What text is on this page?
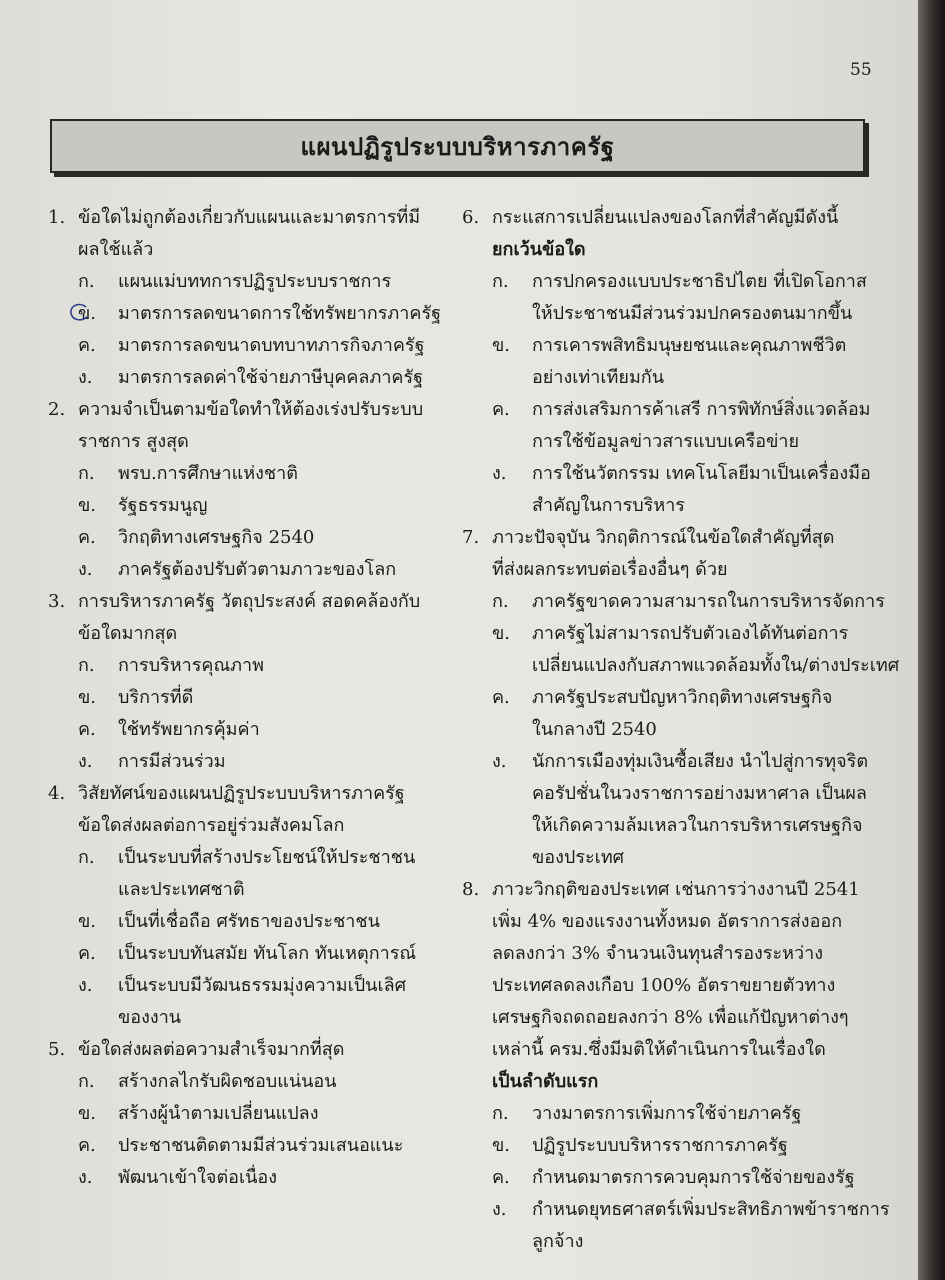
55
แผนปฏิรูประบบบริหารภาครัฐ
1. ข้อใดไม่ถูกต้องเกี่ยวกับแผนและมาตรการที่มี
ผลใช้แล้ว
ก. แผนแม่บททการปฏิรูประบบราชการ
ข. มาตรการลดขนาดการใช้ทรัพยากรภาครัฐ
ค. มาตรการลดขนาดบทบาทภารกิจภาครัฐ
ง. มาตรการลดค่าใช้จ่ายภาษีบุคคลภาครัฐ
2. ความจำเป็นตามข้อใดทำให้ต้องเร่งปรับระบบ
ราชการ สูงสุด
ก. พรบ.การศึกษาแห่งชาติ
ข. รัฐธรรมนูญ
ค. วิกฤติทางเศรษฐกิจ 2540
ง. ภาครัฐต้องปรับตัวตามภาวะของโลก
3. การบริหารภาครัฐ วัตถุประสงค์ สอดคล้องกับ
ข้อใดมากสุด
ก. การบริหารคุณภาพ
ข. บริการที่ดี
ค. ใช้ทรัพยากรคุ้มค่า
ง. การมีส่วนร่วม
4. วิสัยทัศน์ของแผนปฏิรูประบบบริหารภาครัฐ
ข้อใดส่งผลต่อการอยู่ร่วมสังคมโลก
ก. เป็นระบบที่สร้างประโยชน์ให้ประชาชน
และประเทศชาติ
ข. เป็นที่เชื่อถือ ศรัทธาของประชาชน
ค. เป็นระบบทันสมัย ทันโลก ทันเหตุการณ์
ง. เป็นระบบมีวัฒนธรรมมุ่งความเป็นเลิศ
ของงาน
5. ข้อใดส่งผลต่อความสำเร็จมากที่สุด
ก. สร้างกลไกรับผิดชอบแน่นอน
ข. สร้างผู้นำตามเปลี่ยนแปลง
ค. ประชาชนติดตามมีส่วนร่วมเสนอแนะ
ง. พัฒนาเข้าใจต่อเนื่อง
6. กระแสการเปลี่ยนแปลงของโลกที่สำคัญมีดังนี้
ยกเว้นข้อใด
ก. การปกครองแบบประชาธิปไตย ที่เปิดโอกาส
ให้ประชาชนมีส่วนร่วมปกครองตนมากขึ้น
ข. การเคารพสิทธิมนุษยชนและคุณภาพชีวิต
อย่างเท่าเทียมกัน
ค. การส่งเสริมการค้าเสรี การพิทักษ์สิ่งแวดล้อม
การใช้ข้อมูลข่าวสารแบบเครือข่าย
ง. การใช้นวัตกรรม เทคโนโลยีมาเป็นเครื่องมือ
สำคัญในการบริหาร
7. ภาวะปัจจุบัน วิกฤติการณ์ในข้อใดสำคัญที่สุด
ที่ส่งผลกระทบต่อเรื่องอื่นๆ ด้วย
ก. ภาครัฐขาดความสามารถในการบริหารจัดการ
ข. ภาครัฐไม่สามารถปรับตัวเองได้ทันต่อการ
เปลี่ยนแปลงกับสภาพแวดล้อมทั้งใน/ต่างประเทศ
ค. ภาครัฐประสบปัญหาวิกฤติทางเศรษฐกิจ
ในกลางปี 2540
ง. นักการเมืองทุ่มเงินซื้อเสียง นำไปสู่การทุจริต
คอรัปชั่นในวงราชการอย่างมหาศาล เป็นผล
ให้เกิดความล้มเหลวในการบริหารเศรษฐกิจ
ของประเทศ
8. ภาวะวิกฤติของประเทศ เช่นการว่างงานปี 2541
เพิ่ม 4% ของแรงงานทั้งหมด อัตราการส่งออก
ลดลงกว่า 3% จำนวนเงินทุนสำรองระหว่าง
ประเทศลดลงเกือบ 100% อัตราขยายตัวทาง
เศรษฐกิจถดถอยลงกว่า 8% เพื่อแก้ปัญหาต่างๆ
เหล่านี้ ครม.ซึ่งมีมติให้ดำเนินการในเรื่องใด
เป็นลำดับแรก
ก. วางมาตรการเพิ่มการใช้จ่ายภาครัฐ
ข. ปฏิรูประบบบริหารราชการภาครัฐ
ค. กำหนดมาตรการควบคุมการใช้จ่ายของรัฐ
ง. กำหนดยุทธศาสตร์เพิ่มประสิทธิภาพข้าราชการ
ลูกจ้าง
